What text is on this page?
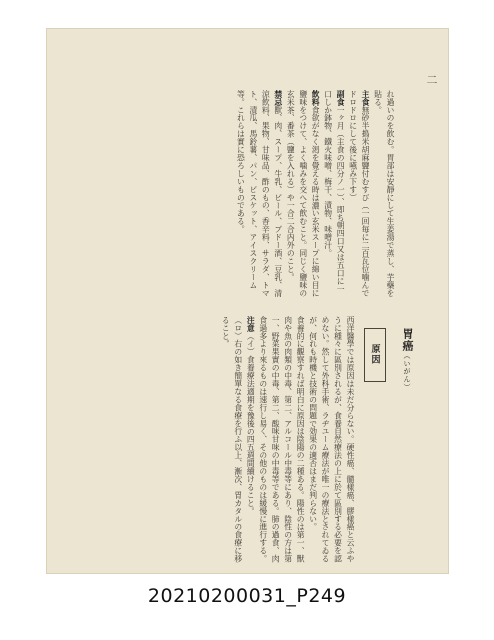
二
れ過いのを飲む。胃部は安靜にして生姜湯で蒸し、芋藥を貼る。
主食無砂半搗米胡麻鹽付むすび（一回毎に二百瓦位噛んでドロドロにして後に嚥み下す）
副食一ヶ月（主食の四分ノ一）、即ち朝四口又は五口に一口しか鉢物、鐵火味噌、梅干、漬物、味噌汁。
飲料食欲がなく渇を覺える時は濃い玄米スープに綿い目に鹽味をつけて、よく噛みを交へて飲むこと。同じく鹽味の玄米茶、番茶（鹽を入れる）や一合二合内外のこと。
禁忌獸、肉、スープ、牛乳、ビール、ブドー酒、豆乳、清涼飲料、果物、甘味品、酢のもの、香辛料、サラダ、トマト、漬瓜、馬鈴薯、パン、ビスケット、アイスクリーム等。これらは實に恐ろしいものである。
胃癌（いがん）
原因
西洋醫學では原因は未だ分らない。硬性癌、髓樣癌、膠樣癌と云ふやうに種々に區別されるが、食養自然療法の上に於て區別する必要を認めない。然して外科手術、ラヂユーム療法が唯一の療法とされてゐるが、何れも時機と技術の問題で効果の適否はまだ判らない。
食養的に觀察すれば明白に原因は陰陽の二種ある。陽性のは第一、獸肉や魚の肉類の中毒、第二、アルコール中毒等にあり、陰性の方は第一、野菜果實の中毒、第二、酸味甘味の中毒等である。肺の過食、肉食過多より來るものは速行し易く、その他のものは緩慢に進行する。
注意（イ）食養療法適期を豫後の四五週間續けること。
（ロ）右の如き簡單なる食療を行ふ以上、漸次、胃カタルの食療に移ること。
20210200031_P249
